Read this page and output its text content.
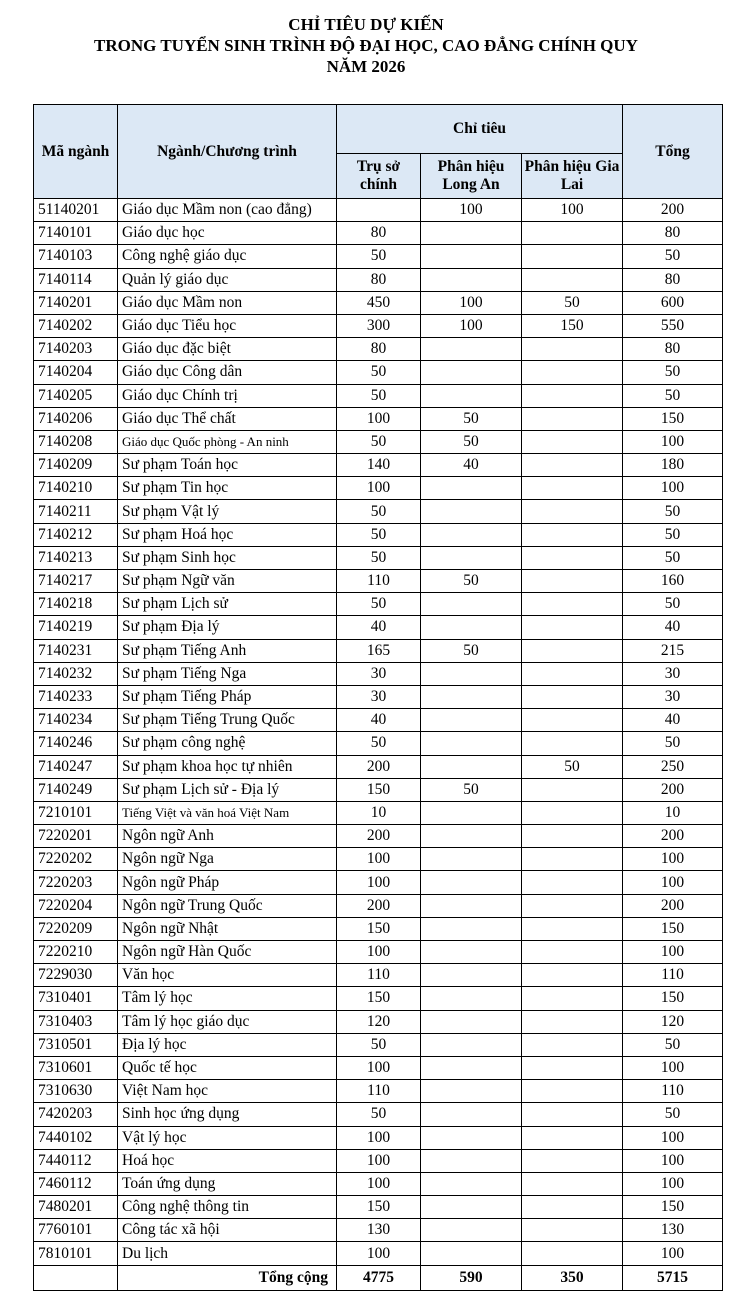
CHỈ TIÊU DỰ KIẾN
TRONG TUYỂN SINH TRÌNH ĐỘ ĐẠI HỌC, CAO ĐẲNG CHÍNH QUY
NĂM 2026
Mã ngành	Ngành/Chương trình	Chỉ tiêu			Tổng
		Trụ sở chính	Phân hiệu Long An	Phân hiệu Gia Lai	
51140201	Giáo dục Mầm non (cao đẳng)		100	100	200
7140101	Giáo dục học	80			80
7140103	Công nghệ giáo dục	50			50
7140114	Quản lý giáo dục	80			80
7140201	Giáo dục Mầm non	450	100	50	600
7140202	Giáo dục Tiểu học	300	100	150	550
7140203	Giáo dục đặc biệt	80			80
7140204	Giáo dục Công dân	50			50
7140205	Giáo dục Chính trị	50			50
7140206	Giáo dục Thể chất	100	50		150
7140208	Giáo dục Quốc phòng - An ninh	50	50		100
7140209	Sư phạm Toán học	140	40		180
7140210	Sư phạm Tin học	100			100
7140211	Sư phạm Vật lý	50			50
7140212	Sư phạm Hoá học	50			50
7140213	Sư phạm Sinh học	50			50
7140217	Sư phạm Ngữ văn	110	50		160
7140218	Sư phạm Lịch sử	50			50
7140219	Sư phạm Địa lý	40			40
7140231	Sư phạm Tiếng Anh	165	50		215
7140232	Sư phạm Tiếng Nga	30			30
7140233	Sư phạm Tiếng Pháp	30			30
7140234	Sư phạm Tiếng Trung Quốc	40			40
7140246	Sư phạm công nghệ	50			50
7140247	Sư phạm khoa học tự nhiên	200		50	250
7140249	Sư phạm Lịch sử - Địa lý	150	50		200
7210101	Tiếng Việt và văn hoá Việt Nam	10			10
7220201	Ngôn ngữ Anh	200			200
7220202	Ngôn ngữ Nga	100			100
7220203	Ngôn ngữ Pháp	100			100
7220204	Ngôn ngữ Trung Quốc	200			200
7220209	Ngôn ngữ Nhật	150			150
7220210	Ngôn ngữ Hàn Quốc	100			100
7229030	Văn học	110			110
7310401	Tâm lý học	150			150
7310403	Tâm lý học giáo dục	120			120
7310501	Địa lý học	50			50
7310601	Quốc tế học	100			100
7310630	Việt Nam học	110			110
7420203	Sinh học ứng dụng	50			50
7440102	Vật lý học	100			100
7440112	Hoá học	100			100
7460112	Toán ứng dụng	100			100
7480201	Công nghệ thông tin	150			150
7760101	Công tác xã hội	130			130
7810101	Du lịch	100			100
	Tổng cộng	4775	590	350	5715
